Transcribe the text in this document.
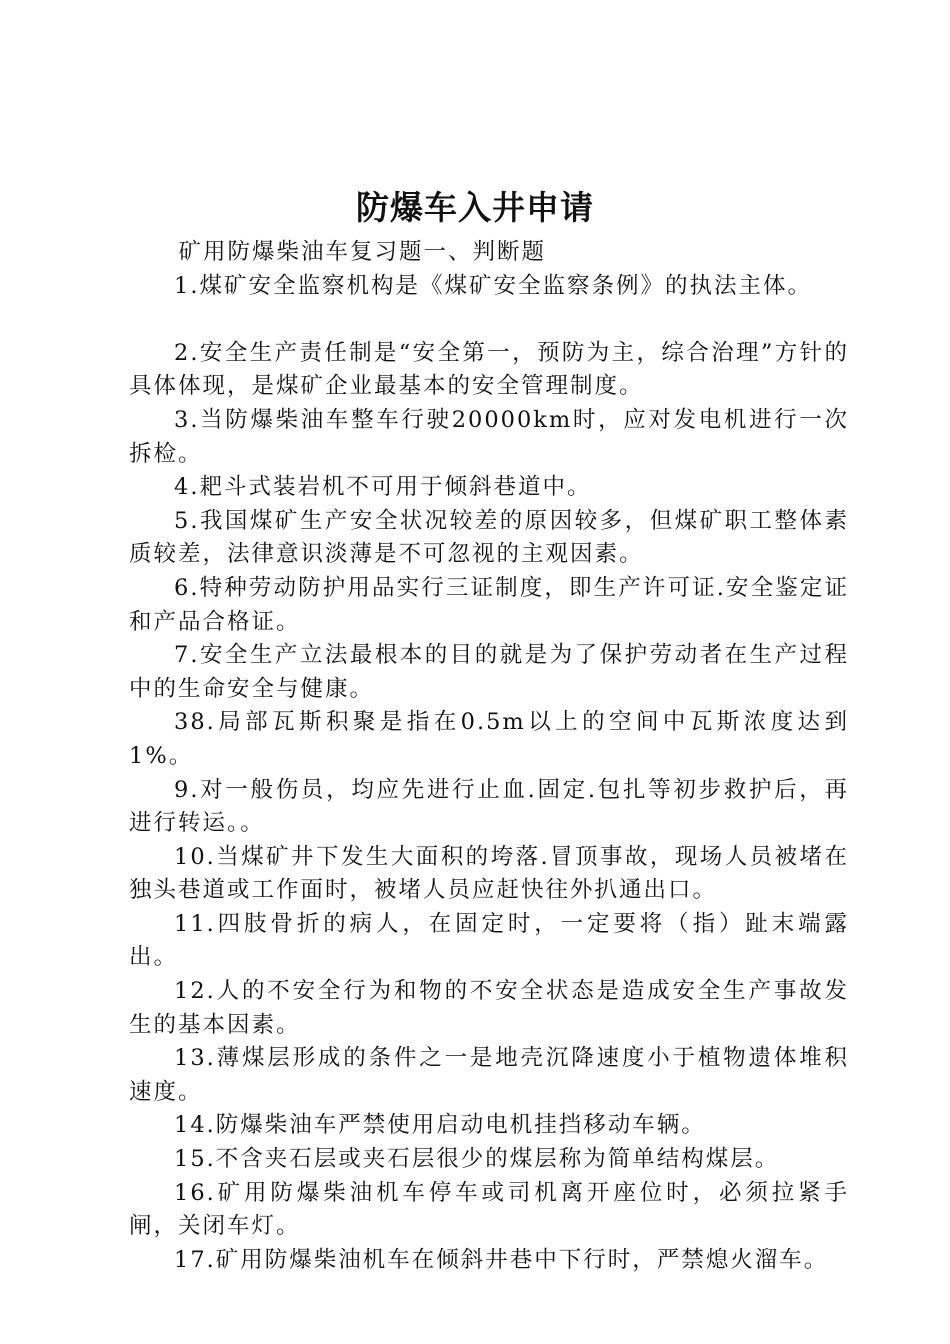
防爆车入井申请

矿用防爆柴油车复习题一、判断题

1.煤矿安全监察机构是《煤矿安全监察条例》的执法主体。

2.安全生产责任制是“安全第一，预防为主，综合治理”方针的具体体现，是煤矿企业最基本的安全管理制度。

3.当防爆柴油车整车行驶20000km时，应对发电机进行一次拆检。

4.耙斗式装岩机不可用于倾斜巷道中。

5.我国煤矿生产安全状况较差的原因较多，但煤矿职工整体素质较差，法律意识淡薄是不可忽视的主观因素。

6.特种劳动防护用品实行三证制度，即生产许可证.安全鉴定证和产品合格证。

7.安全生产立法最根本的目的就是为了保护劳动者在生产过程中的生命安全与健康。

38.局部瓦斯积聚是指在0.5m以上的空间中瓦斯浓度达到1%。

9.对一般伤员，均应先进行止血.固定.包扎等初步救护后，再进行转运。。

10.当煤矿井下发生大面积的垮落.冒顶事故，现场人员被堵在独头巷道或工作面时，被堵人员应赶快往外扒通出口。

11.四肢骨折的病人，在固定时，一定要将（指）趾末端露出。

12.人的不安全行为和物的不安全状态是造成安全生产事故发生的基本因素。

13.薄煤层形成的条件之一是地壳沉降速度小于植物遗体堆积速度。

14.防爆柴油车严禁使用启动电机挂挡移动车辆。

15.不含夹石层或夹石层很少的煤层称为简单结构煤层。

16.矿用防爆柴油机车停车或司机离开座位时，必须拉紧手闸，关闭车灯。

17.矿用防爆柴油机车在倾斜井巷中下行时，严禁熄火溜车。
